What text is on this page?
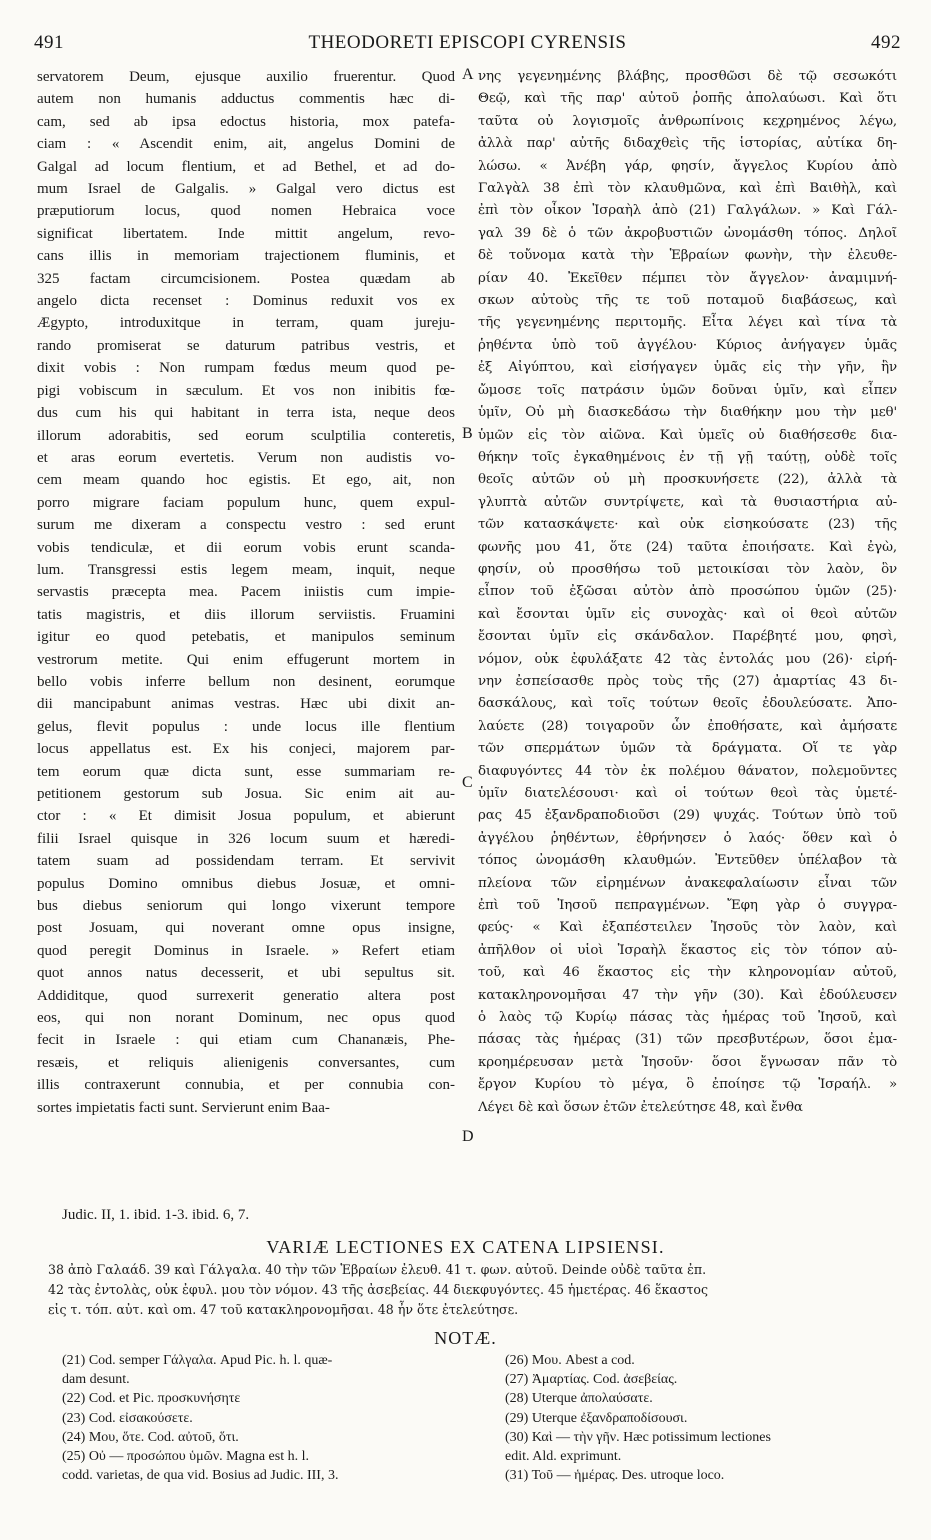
491	THEODORETI EPISCOPI CYRENSIS	492
servatorem Deum, ejusque auxilio fruerentur. Quod
autem non humanis adductus commentis hæc di-
cam, sed ab ipsa edoctus historia, mox patefa-
ciam : « Ascendit enim, ait, angelus Domini de
Galgal ad locum flentium, et ad Bethel, et ad do-
mum Israel de Galgalis. » Galgal vero dictus est
præputiorum locus, quod nomen Hebraica voce
significat libertatem. Inde mittit angelum, revo-
cans illis in memoriam trajectionem fluminis, et
325 factam circumcisionem. Postea quædam ab
angelo dicta recenset : Dominus reduxit vos ex
Ægypto, introduxitque in terram, quam jureju-
rando promiserat se daturum patribus vestris, et
dixit vobis : Non rumpam fœdus meum quod pe-
pigi vobiscum in sæculum. Et vos non inibitis fœ-
dus cum his qui habitant in terra ista, neque deos
illorum adorabitis, sed eorum sculptilia conteretis,
et aras eorum evertetis. Verum non audistis vo-
cem meam quando hoc egistis. Et ego, ait, non
porro migrare faciam populum hunc, quem expul-
surum me dixeram a conspectu vestro : sed erunt
vobis tendiculæ, et dii eorum vobis erunt scanda-
lum. Transgressi estis legem meam, inquit, neque
servastis præcepta mea. Pacem iniistis cum impie-
tatis magistris, et diis illorum serviistis. Fruamini
igitur eo quod petebatis, et manipulos seminum
vestrorum metite. Qui enim effugerunt mortem in
bello vobis inferre bellum non desinent, eorumque
dii mancipabunt animas vestras. Hæc ubi dixit an-
gelus, flevit populus : unde locus ille flentium
locus appellatus est. Ex his conjeci, majorem par-
tem eorum quæ dicta sunt, esse summariam re-
petitionem gestorum sub Josua. Sic enim ait au-
ctor : « Et dimisit Josua populum, et abierunt
filii Israel quisque in 326 locum suum et hæredi-
tatem suam ad possidendam terram. Et servivit
populus Domino omnibus diebus Josuæ, et omni-
bus diebus seniorum qui longo vixerunt tempore
post Josuam, qui noverant omne opus insigne,
quod peregit Dominus in Israele. » Refert etiam
quot annos natus decesserit, et ubi sepultus sit.
Addiditque, quod surrexerit generatio altera post
eos, qui non norant Dominum, nec opus quod
fecit in Israele : qui etiam cum Chananæis, Phe-
resæis, et reliquis alienigenis conversantes, cum
illis contraxerunt connubia, et per connubia con-
sortes impietatis facti sunt. Servierunt enim Baa-
νης γεγενημένης βλάβης, προσθῶσι δὲ τῷ σεσωκότι
Θεῷ, καὶ τῆς παρ' αὐτοῦ ῥοπῆς ἀπολαύωσι. Καὶ ὅτι
ταῦτα οὐ λογισμοῖς ἀνθρωπίνοις κεχρημένος λέγω,
ἀλλὰ παρ' αὐτῆς διδαχθεὶς τῆς ἱστορίας, αὐτίκα δη-
λώσω. « Ἀνέβη γάρ, φησίν, ἄγγελος Κυρίου ἀπὸ
Γαλγὰλ 38 ἐπὶ τὸν κλαυθμῶνα, καὶ ἐπὶ Βαιθὴλ, καὶ
ἐπὶ τὸν οἶκον Ἰσραὴλ ἀπὸ (21) Γαλγάλων. » Καὶ Γάλ-
γαλ 39 δὲ ὁ τῶν ἀκροβυστιῶν ὠνομάσθη τόπος. Δηλοῖ
δὲ τοὔνομα κατὰ τὴν Ἑβραίων φωνὴν, τὴν ἐλευθε-
ρίαν 40. Ἐκεῖθεν πέμπει τὸν ἄγγελον· ἀναμιμνή-
σκων αὐτοὺς τῆς τε τοῦ ποταμοῦ διαβάσεως, καὶ
τῆς γεγενημένης περιτομῆς. Εἶτα λέγει καὶ τίνα τὰ
ῥηθέντα ὑπὸ τοῦ ἀγγέλου· Κύριος ἀνήγαγεν ὑμᾶς
ἐξ Αἰγύπτου, καὶ εἰσήγαγεν ὑμᾶς εἰς τὴν γῆν, ἣν
ὤμοσε τοῖς πατράσιν ὑμῶν δοῦναι ὑμῖν, καὶ εἶπεν
ὑμῖν, Οὐ μὴ διασκεδάσω τὴν διαθήκην μου τὴν μεθ'
ὑμῶν εἰς τὸν αἰῶνα. Καὶ ὑμεῖς οὐ διαθήσεσθε δια-
θήκην τοῖς ἐγκαθημένοις ἐν τῇ γῇ ταύτῃ, οὐδὲ τοῖς
θεοῖς αὐτῶν οὐ μὴ προσκυνήσετε (22), ἀλλὰ τὰ
γλυπτὰ αὐτῶν συντρίψετε, καὶ τὰ θυσιαστήρια αὐ-
τῶν κατασκάψετε· καὶ οὐκ εἰσηκούσατε (23) τῆς
φωνῆς μου 41, ὅτε (24) ταῦτα ἐποιήσατε. Καὶ ἐγὼ,
φησίν, οὐ προσθήσω τοῦ μετοικίσαι τὸν λαὸν, ὃν
εἶπον τοῦ ἐξῶσαι αὐτὸν ἀπὸ προσώπου ὑμῶν (25)·
καὶ ἔσονται ὑμῖν εἰς συνοχὰς· καὶ οἱ θεοὶ αὐτῶν
ἔσονται ὑμῖν εἰς σκάνδαλον. Παρέβητέ μου, φησὶ,
νόμον, οὐκ ἐφυλάξατε 42 τὰς ἐντολάς μου (26)· εἰρή-
νην ἐσπείσασθε πρὸς τοὺς τῆς (27) ἀμαρτίας 43 δι-
δασκάλους, καὶ τοῖς τούτων θεοῖς ἐδουλεύσατε. Ἀπο-
λαύετε (28) τοιγαροῦν ὧν ἐποθήσατε, καὶ ἀμήσατε
τῶν σπερμάτων ὑμῶν τὰ δράγματα. Οἵ τε γὰρ
διαφυγόντες 44 τὸν ἐκ πολέμου θάνατον, πολεμοῦντες
ὑμῖν διατελέσουσι· καὶ οἱ τούτων θεοὶ τὰς ὑμετέ-
ρας 45 ἐξανδραποδιοῦσι (29) ψυχάς. Τούτων ὑπὸ τοῦ
ἀγγέλου ῥηθέντων, ἐθρήνησεν ὁ λαός· ὅθεν καὶ ὁ
τόπος ὠνομάσθη κλαυθμών. Ἐντεῦθεν ὑπέλαβον τὰ
πλείονα τῶν εἰρημένων ἀνακεφαλαίωσιν εἶναι τῶν
ἐπὶ τοῦ Ἰησοῦ πεπραγμένων. Ἔφη γὰρ ὁ συγγρα-
φεύς· « Καὶ ἐξαπέστειλεν Ἰησοῦς τὸν λαὸν, καὶ
ἀπῆλθον οἱ υἱοὶ Ἰσραὴλ ἕκαστος εἰς τὸν τόπον αὐ-
τοῦ, καὶ 46 ἕκαστος εἰς τὴν κληρονομίαν αὐτοῦ,
κατακληρονομῆσαι 47 τὴν γῆν (30). Καὶ ἐδούλευσεν
ὁ λαὸς τῷ Κυρίῳ πάσας τὰς ἡμέρας τοῦ Ἰησοῦ, καὶ
πάσας τὰς ἡμέρας (31) τῶν πρεσβυτέρων, ὅσοι ἐμα-
κροημέρευσαν μετὰ Ἰησοῦν· ὅσοι ἔγνωσαν πᾶν τὸ
ἔργον Κυρίου τὸ μέγα, ὃ ἐποίησε τῷ Ἰσραήλ. »
Λέγει δὲ καὶ ὅσων ἐτῶν ἐτελεύτησε 48, καὶ ἔνθα
A
B
C
D
Judic. II, 1. ibid. 1-3. ibid. 6, 7.
VARIÆ LECTIONES EX CATENA LIPSIENSI.
38 ἀπὸ Γαλαάδ. 39 καὶ Γάλγαλα. 40 τὴν τῶν Ἑβραίων ἐλευθ. 41 τ. φων. αὐτοῦ. Deinde οὐδὲ ταῦτα ἐπ.
42 τὰς ἐντολὰς, οὐκ ἐφυλ. μου τὸν νόμον. 43 τῆς ἀσεβείας. 44 διεκφυγόντες. 45 ἡμετέρας. 46 ἕκαστος
εἰς τ. τόπ. αὐτ. καὶ om. 47 τοῦ κατακληρονομῆσαι. 48 ἦν ὅτε ἐτελεύτησε.
NOTÆ.
(21) Cod. semper Γάλγαλα. Apud Pic. h. l. quæ-
dam desunt.
(22) Cod. et Pic. προσκυνήσητε
(23) Cod. εἰσακούσετε.
(24) Μου, ὅτε. Cod. αὐτοῦ, ὅτι.
(25) Οὐ — προσώπου ὑμῶν. Magna est h. l.
codd. varietas, de qua vid. Bosius ad Judic. III, 3.
(26) Μου. Abest a cod.
(27) Ἀμαρτίας. Cod. ἀσεβείας.
(28) Uterque ἀπολαύσατε.
(29) Uterque ἐξανδραποδίσουσι.
(30) Καὶ — τὴν γῆν. Hæc potissimum lectiones
edit. Ald. exprimunt.
(31) Τοῦ — ἡμέρας. Des. utroque loco.
